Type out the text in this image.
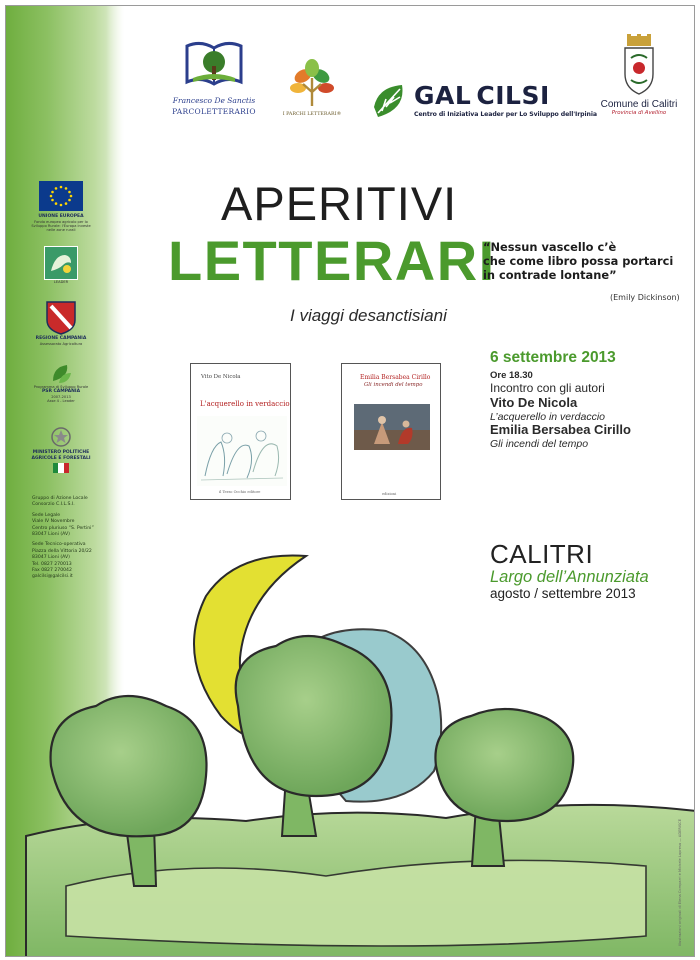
UNIONE EUROPEA
Fondo europeo agricolo per lo Sviluppo Rurale: l'Europa investe nelle zone rurali
LEADER
REGIONE CAMPANIA
Assessorato Agricoltura
Programma di Sviluppo Rurale
PSR CAMPANIA
2007-2013
Asse 4 - Leader
MINISTERO POLITICHE AGRICOLE E FORESTALI

Gruppo di Azione Locale
Consorzio C.I.L.S.I.

Sede Legale
Viale IV Novembre
Centro pluriuso “S. Pertini”
83047 Lioni (AV)

Sede Tecnico-operativa
Piazza della Vittoria 20/22
83047 Lioni (AV)
Tel. 0827 270013
Fax 0827 270042
galcilsi@galcilsi.it

Francesco De Sanctis
PARCOLETTERARIO	I PARCHI LETTERARI®
GAL CILSI
Centro di Iniziativa Leader per Lo Sviluppo dell'Irpinia
Comune di Calitri
Provincia di Avellino
APERITIVI
LETTERARI
I viaggi desanctisiani
“Nessun vascello c’è
che come libro possa portarci
in contrade lontane”
(Emily Dickinson)
Vito De Nicola
L'acquerello in verdaccio
il Terzo Occhio editore
Emilia Bersabea Cirillo
Gli incendi del tempo
edizioni
6 settembre 2013
Ore 18.30
Incontro con gli autori
Vito De Nicola
L’acquerello in verdaccio
Emilia Bersabea Cirillo
Gli incendi del tempo
CALITRI
Largo dell’Annunziata
agosto / settembre 2013
Illustrazioni originali di Elena Comparri e Michele Lapresa — ADERISCE
